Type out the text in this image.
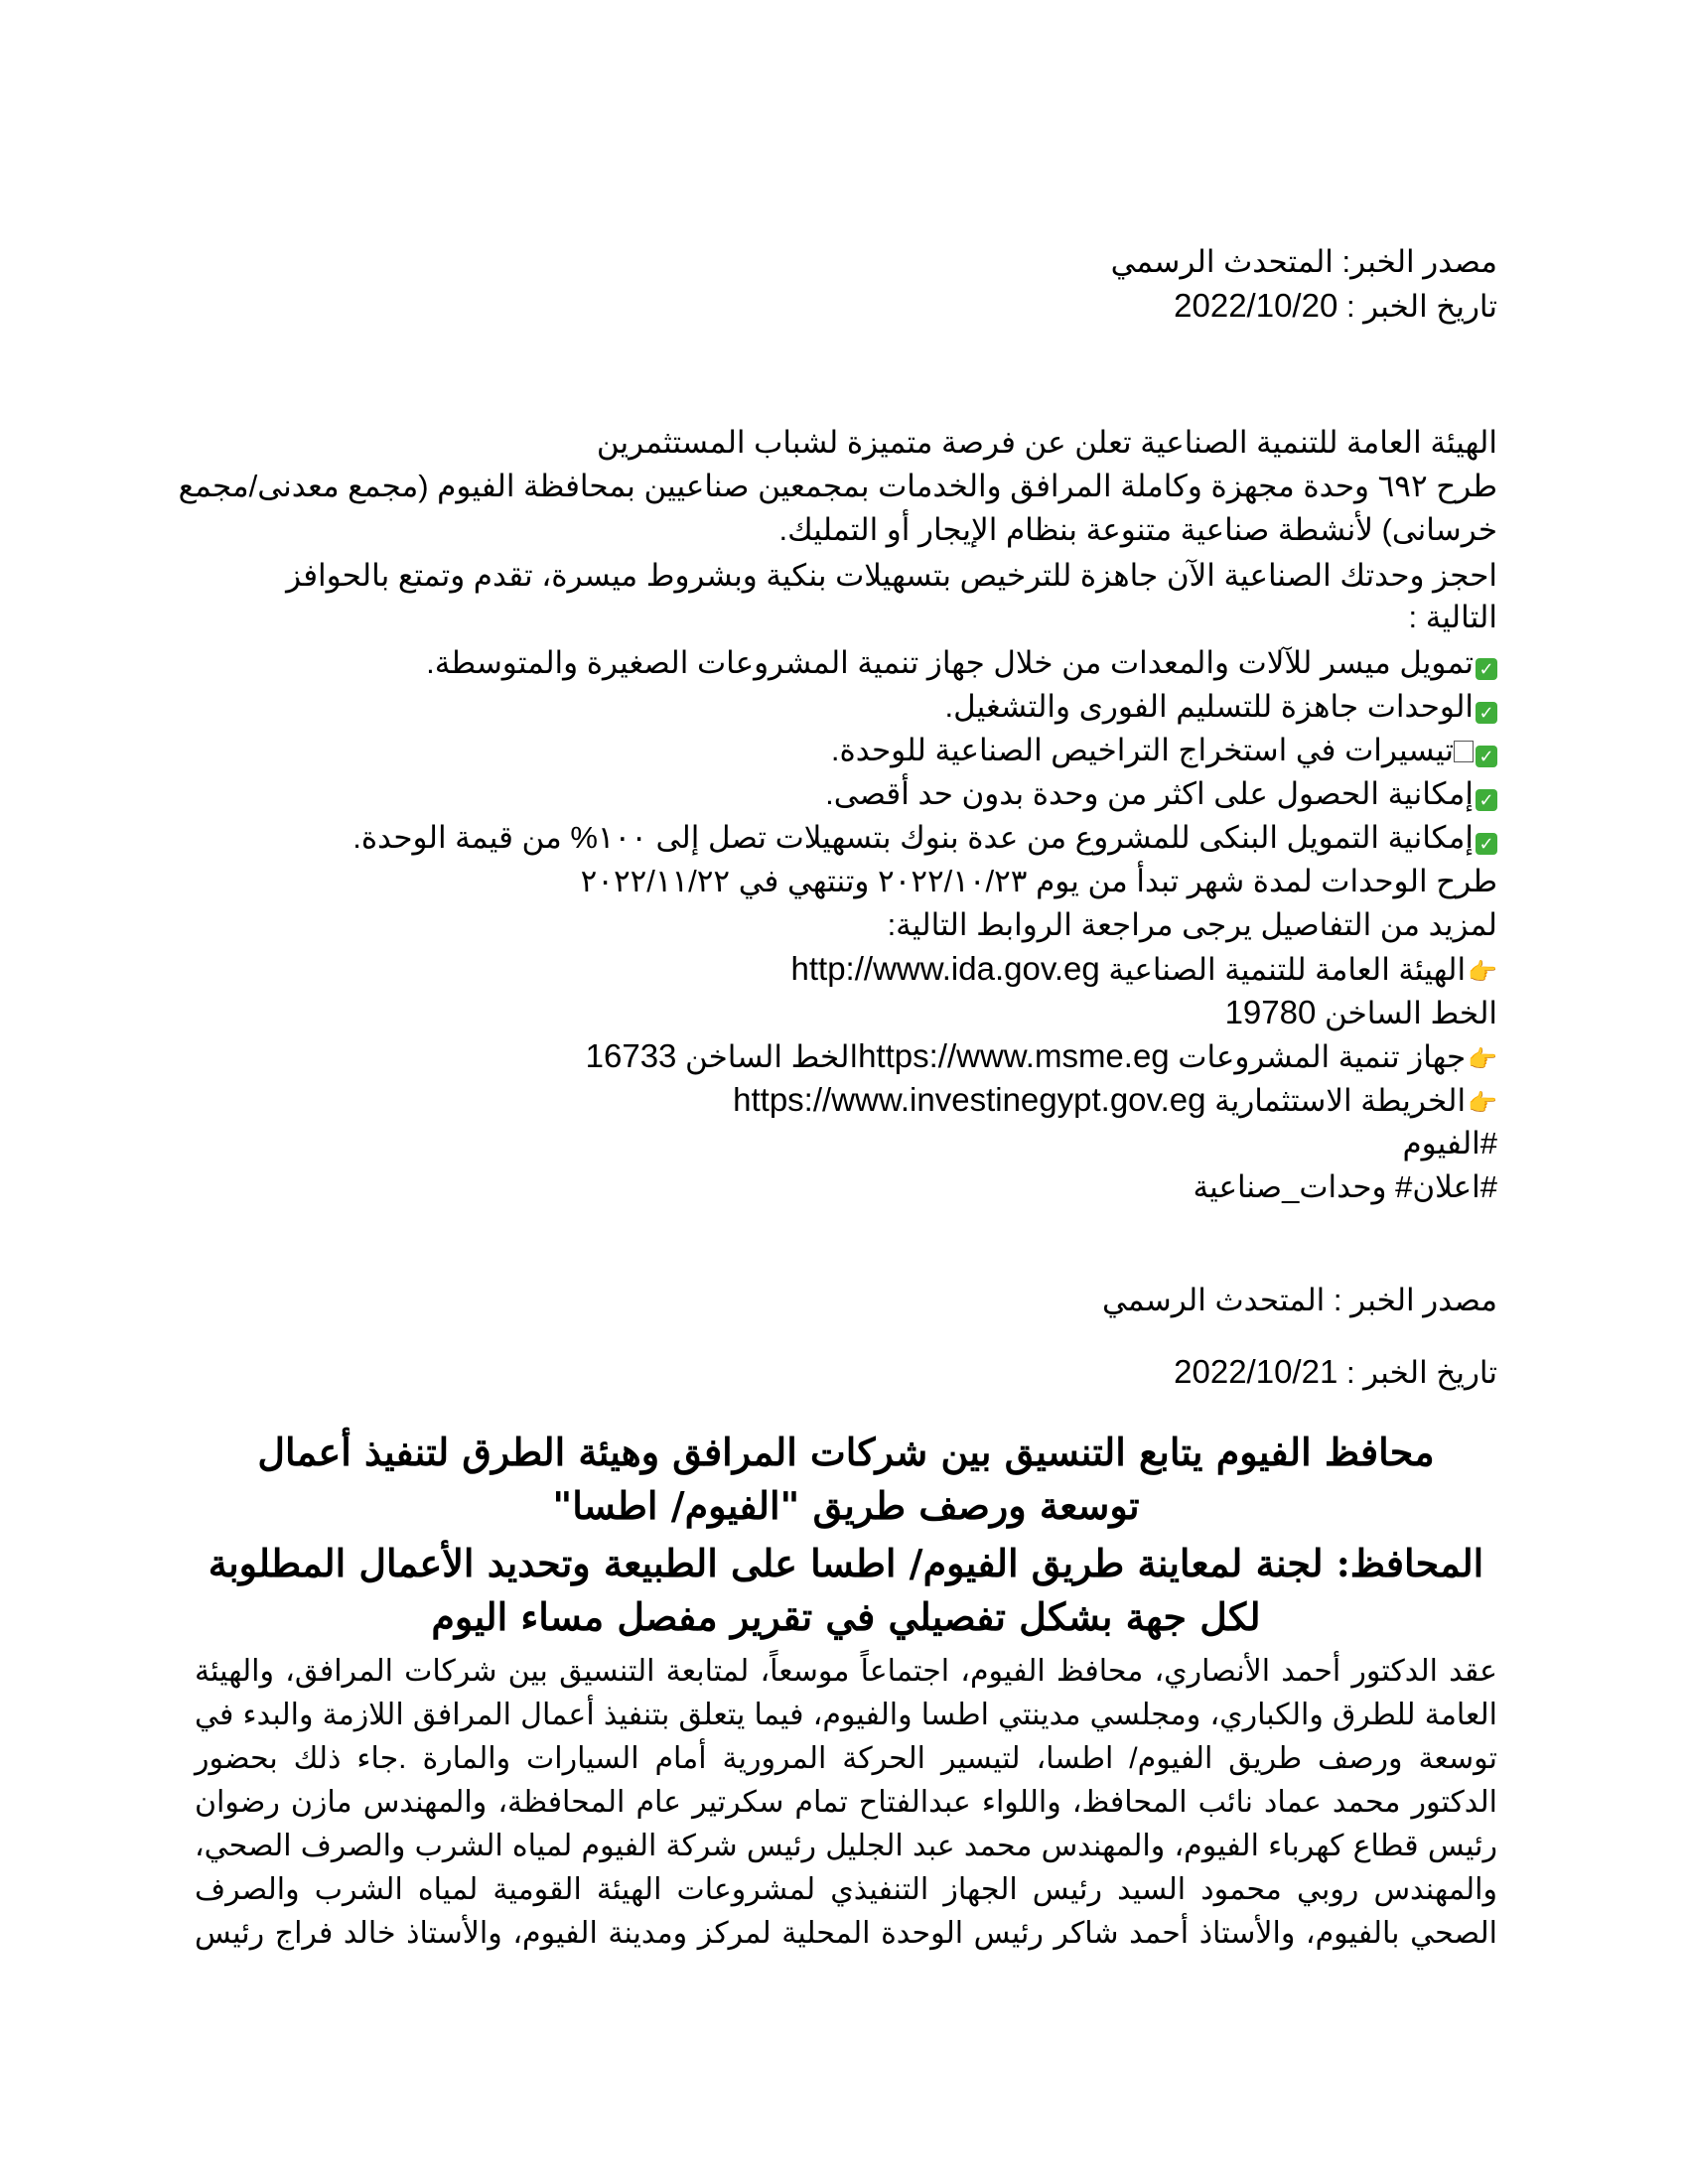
مصدر الخبر: المتحدث الرسمي
تاريخ الخبر : 2022/10/20
الهيئة العامة للتنمية الصناعية تعلن عن فرصة متميزة لشباب المستثمرين
طرح ٦٩٢ وحدة مجهزة وكاملة المرافق والخدمات بمجمعين صناعيين بمحافظة الفيوم (مجمع معدنى/مجمع
خرسانى) لأنشطة صناعية متنوعة بنظام الإيجار أو التمليك.
احجز وحدتك الصناعية الآن جاهزة للترخيص بتسهيلات بنكية وبشروط ميسرة، تقدم وتمتع بالحوافز
التالية :
✓تمويل ميسر للآلات والمعدات من خلال جهاز تنمية المشروعات الصغيرة والمتوسطة.
✓الوحدات جاهزة للتسليم الفورى والتشغيل.
✓تيسيرات في استخراج التراخيص الصناعية للوحدة.
✓إمكانية الحصول على اكثر من وحدة بدون حد أقصى.
✓إمكانية التمويل البنكى للمشروع من عدة بنوك بتسهيلات تصل إلى ١٠٠% من قيمة الوحدة.
طرح الوحدات لمدة شهر تبدأ من يوم ٢٠٢٢/١٠/٢٣ وتنتهي في ٢٠٢٢/١١/٢٢
لمزيد من التفاصيل يرجى مراجعة الروابط التالية:
👉الهيئة العامة للتنمية الصناعية http://www.ida.gov.eg
الخط الساخن 19780
👉جهاز تنمية المشروعات https://www.msme.egالخط الساخن 16733
👉الخريطة الاستثمارية https://www.investinegypt.gov.eg
#الفيوم
#اعلان# وحدات_صناعية
مصدر الخبر : المتحدث الرسمي
تاريخ الخبر : 2022/10/21
محافظ الفيوم يتابع التنسيق بين شركات المرافق وهيئة الطرق لتنفيذ أعمال
توسعة ورصف طريق "الفيوم/ اطسا"
المحافظ: لجنة لمعاينة طريق الفيوم/ اطسا على الطبيعة وتحديد الأعمال المطلوبة
لكل جهة بشكل تفصيلي في تقرير مفصل مساء اليوم
عقد الدكتور أحمد الأنصاري، محافظ الفيوم، اجتماعاً موسعاً، لمتابعة التنسيق بين شركات المرافق، والهيئة
العامة للطرق والكباري، ومجلسي مدينتي اطسا والفيوم، فيما يتعلق بتنفيذ أعمال المرافق اللازمة والبدء في
توسعة ورصف طريق الفيوم/ اطسا، لتيسير الحركة المرورية أمام السيارات والمارة .جاء ذلك بحضور
الدكتور محمد عماد نائب المحافظ، واللواء عبدالفتاح تمام سكرتير عام المحافظة، والمهندس مازن رضوان
رئيس قطاع كهرباء الفيوم، والمهندس محمد عبد الجليل رئيس شركة الفيوم لمياه الشرب والصرف الصحي،
والمهندس روبي محمود السيد رئيس الجهاز التنفيذي لمشروعات الهيئة القومية لمياه الشرب والصرف
الصحي بالفيوم، والأستاذ أحمد شاكر رئيس الوحدة المحلية لمركز ومدينة الفيوم، والأستاذ خالد فراج رئيس
